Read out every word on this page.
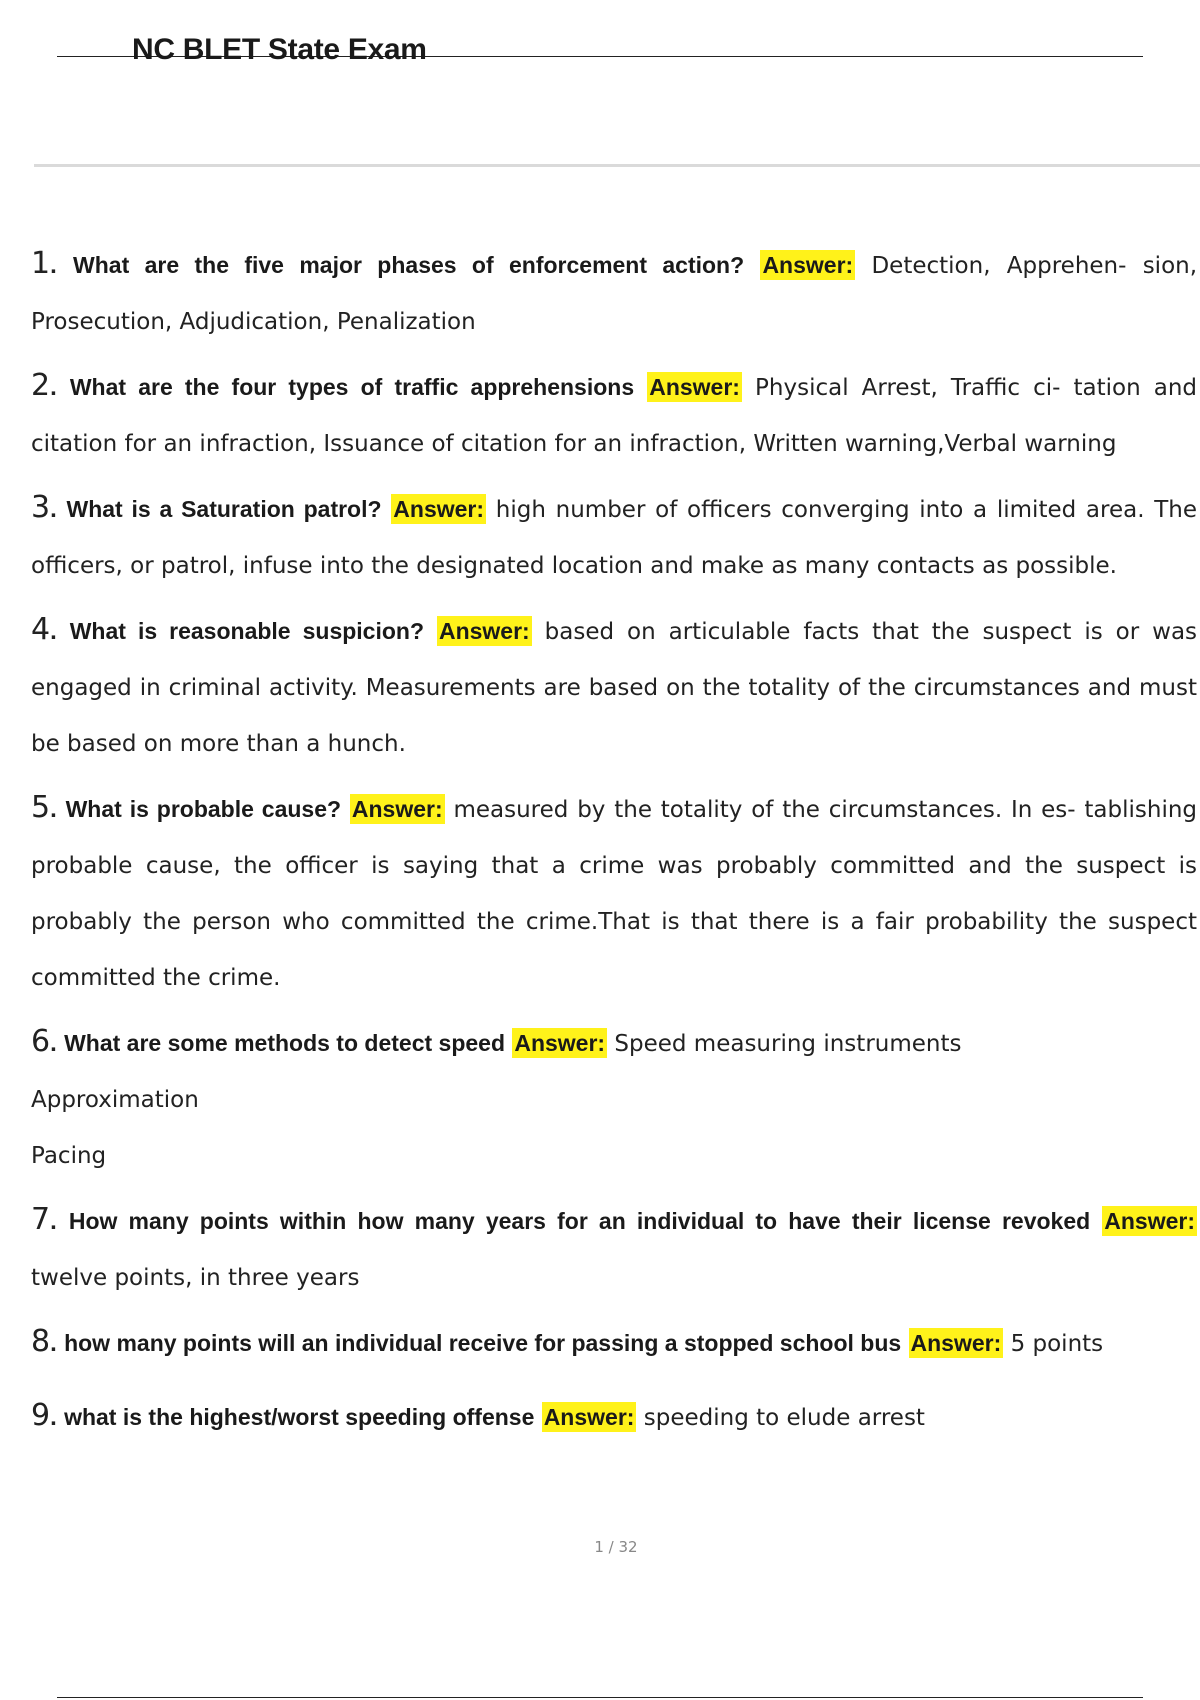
NC BLET State Exam

1. What are the five major phases of enforcement action? Answer: Detection, Apprehen- sion, Prosecution, Adjudication, Penalization

2. What are the four types of traffic apprehensions Answer: Physical Arrest, Traffic ci- tation and citation for an infraction, Issuance of citation for an infraction, Written warning,Verbal warning

3. What is a Saturation patrol? Answer: high number of officers converging into a limited area. The officers, or patrol, infuse into the designated location and make as many contacts as possible.

4. What is reasonable suspicion? Answer: based on articulable facts that the suspect is or was engaged in criminal activity. Measurements are based on the totality of the circumstances and must be based on more than a hunch.

5. What is probable cause? Answer: measured by the totality of the circumstances. In es- tablishing probable cause, the officer is saying that a crime was probably committed and the suspect is probably the person who committed the crime.That is that there is a fair probability the suspect committed the crime.

6. What are some methods to detect speed Answer: Speed measuring instruments
Approximation
Pacing

7. How many points within how many years for an individual to have their license revoked Answer: twelve points, in three years

8. how many points will an individual receive for passing a stopped school bus Answer: 5 points

9. what is the highest/worst speeding offense Answer: speeding to elude arrest

1 / 32
